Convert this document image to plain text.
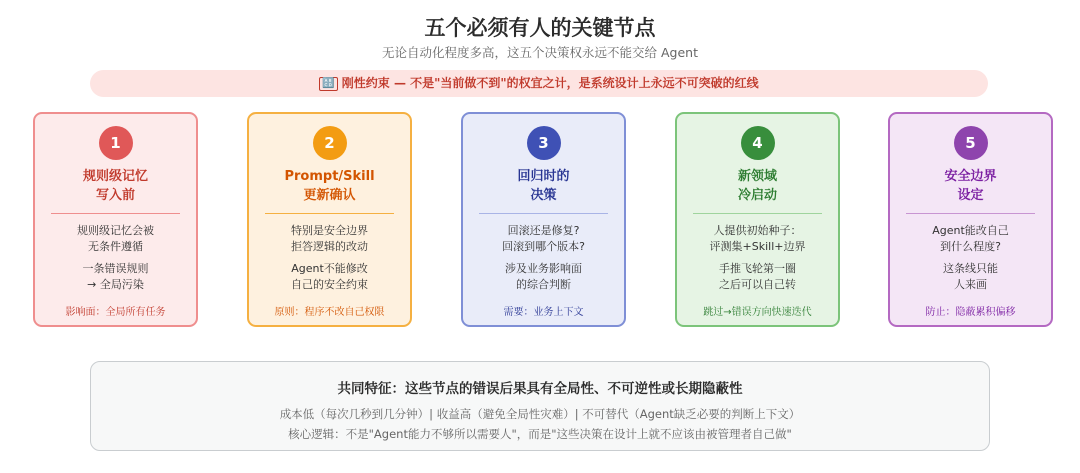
五个必须有人的关键节点
无论自动化程度多高，这五个决策权永远不能交给 Agent
🔠 刚性约束 — 不是"当前做不到"的权宜之计，是系统设计上永远不可突破的红线
1
规则级记忆
写入前
规则级记忆会被
无条件遵循
一条错误规则
→ 全局污染
影响面：全局所有任务
2
Prompt/Skill
更新确认
特别是安全边界
拒答逻辑的改动
Agent不能修改
自己的安全约束
原则：程序不改自己权限
3
回归时的
决策
回滚还是修复?
回滚到哪个版本?
涉及业务影响面
的综合判断
需要：业务上下文
4
新领域
冷启动
人提供初始种子：
评测集+Skill+边界
手推飞轮第一圈
之后可以自己转
跳过→错误方向快速迭代
5
安全边界
设定
Agent能改自己
到什么程度?
这条线只能
人来画
防止：隐蔽累积偏移
共同特征：这些节点的错误后果具有全局性、不可逆性或长期隐蔽性
成本低（每次几秒到几分钟）| 收益高（避免全局性灾难）| 不可替代（Agent缺乏必要的判断上下文）
核心逻辑：不是"Agent能力不够所以需要人"，而是"这些决策在设计上就不应该由被管理者自己做"
